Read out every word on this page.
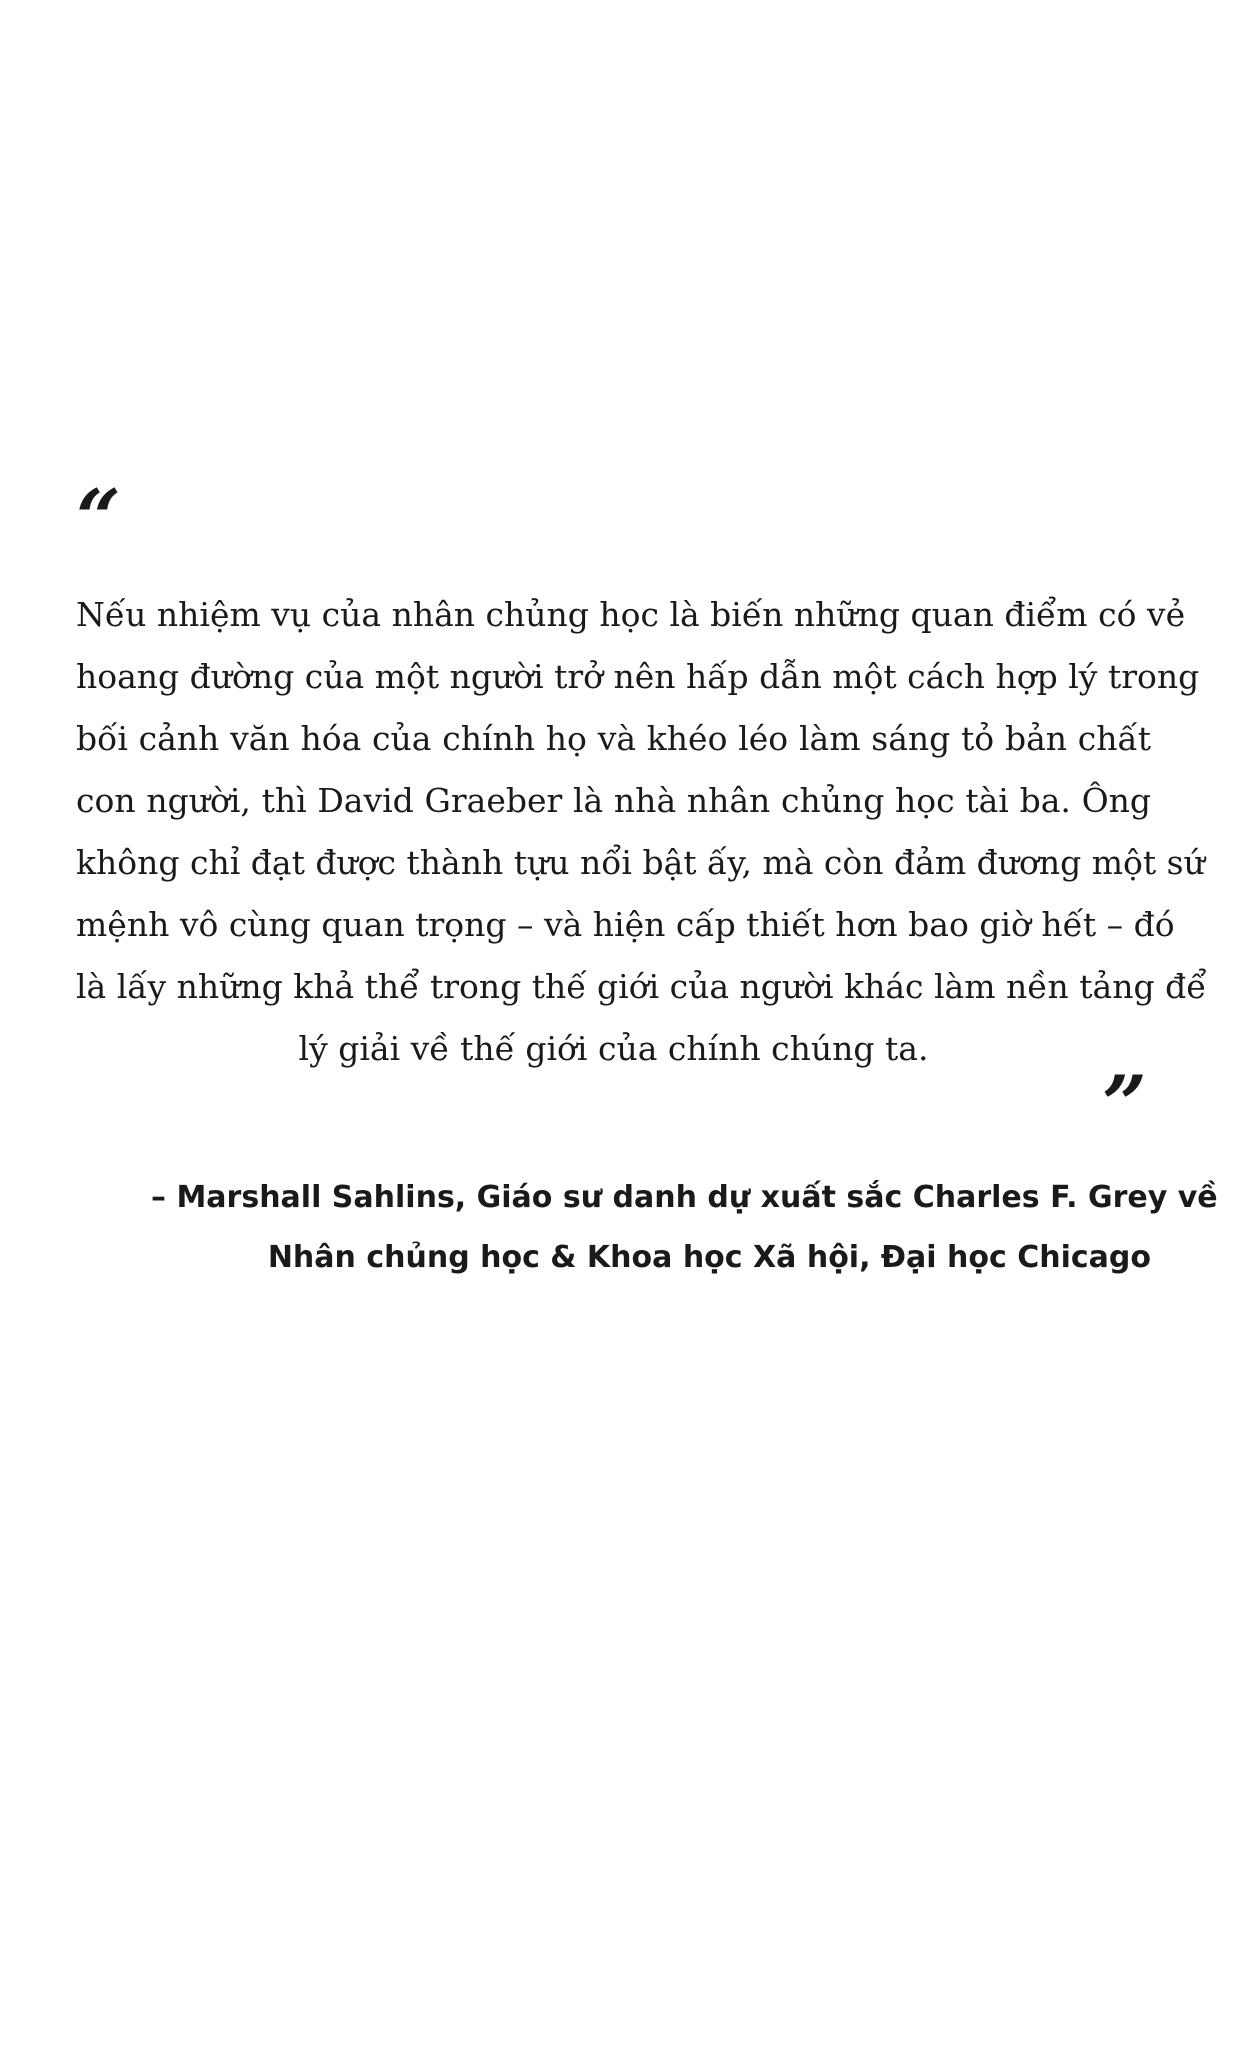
“
Nếu nhiệm vụ của nhân chủng học là biến những quan điểm có vẻ
hoang đường của một người trở nên hấp dẫn một cách hợp lý trong
bối cảnh văn hóa của chính họ và khéo léo làm sáng tỏ bản chất
con người, thì David Graeber là nhà nhân chủng học tài ba. Ông
không chỉ đạt được thành tựu nổi bật ấy, mà còn đảm đương một sứ
mệnh vô cùng quan trọng – và hiện cấp thiết hơn bao giờ hết – đó
là lấy những khả thể trong thế giới của người khác làm nền tảng để
lý giải về thế giới của chính chúng ta.
”
– Marshall Sahlins, Giáo sư danh dự xuất sắc Charles F. Grey về
Nhân chủng học & Khoa học Xã hội, Đại học Chicago
